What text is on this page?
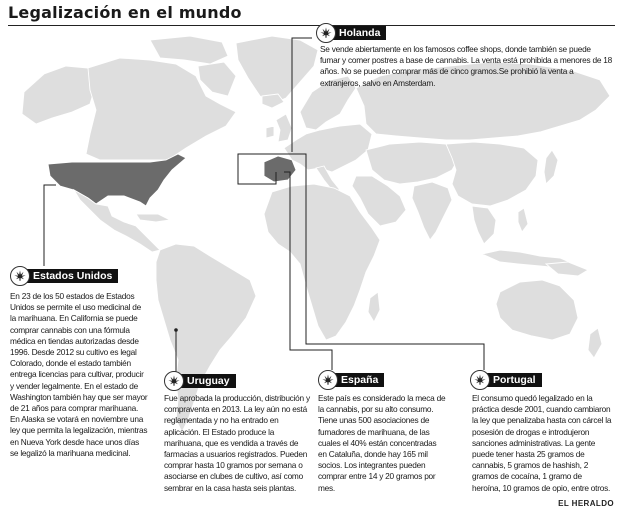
Legalización en el mundo
Holanda
Se vende abiertamente en los famosos coffee shops, donde también se puede fumar y comer postres a base de cannabis. La venta está prohibida a menores de 18 años. No se pueden comprar más de cinco gramos.Se prohibió la venta a extranjeros, salvo en Amsterdam.
Estados Unidos
En 23 de los 50 estados de Estados Unidos se permite el uso medicinal de la marihuana. En California se puede comprar cannabis con una fórmula médica en tiendas autorizadas desde 1996. Desde 2012 su cultivo es legal Colorado, donde el estado también entrega licencias para cultivar, producir y vender legalmente. En el estado de Washington también hay que ser mayor de 21 años para comprar marihuana. En Alaska se votará en noviembre una ley que permita la legalización, mientras en Nueva York desde hace unos días se legalizó la marihuana medicinal.
Uruguay
Fue aprobada la producción, distribución y compraventa en 2013. La ley aún no está reglamentada y no ha entrado en aplicación. El Estado produce la marihuana, que es vendida a través de farmacias a usuarios registrados. Pueden comprar hasta 10 gramos por semana o asociarse en clubes de cultivo, así como sembrar en la casa hasta seis plantas.
España
Este país es considerado la meca de la cannabis, por su alto consumo. Tiene unas 500 asociaciones de fumadores de marihuana, de las cuales el 40% están concentradas en Cataluña, donde hay 165 mil socios. Los integrantes pueden comprar entre 14 y 20 gramos por mes.
Portugal
El consumo quedó legalizado en la práctica desde 2001, cuando cambiaron la ley que penalizaba hasta con cárcel la posesión de drogas e introdujeron sanciones administrativas. La gente puede tener hasta 25 gramos de cannabis, 5 gramos de hashish, 2 gramos de cocaína, 1 gramo de heroína, 10 gramos de opio, entre otros.
EL HERALDO
